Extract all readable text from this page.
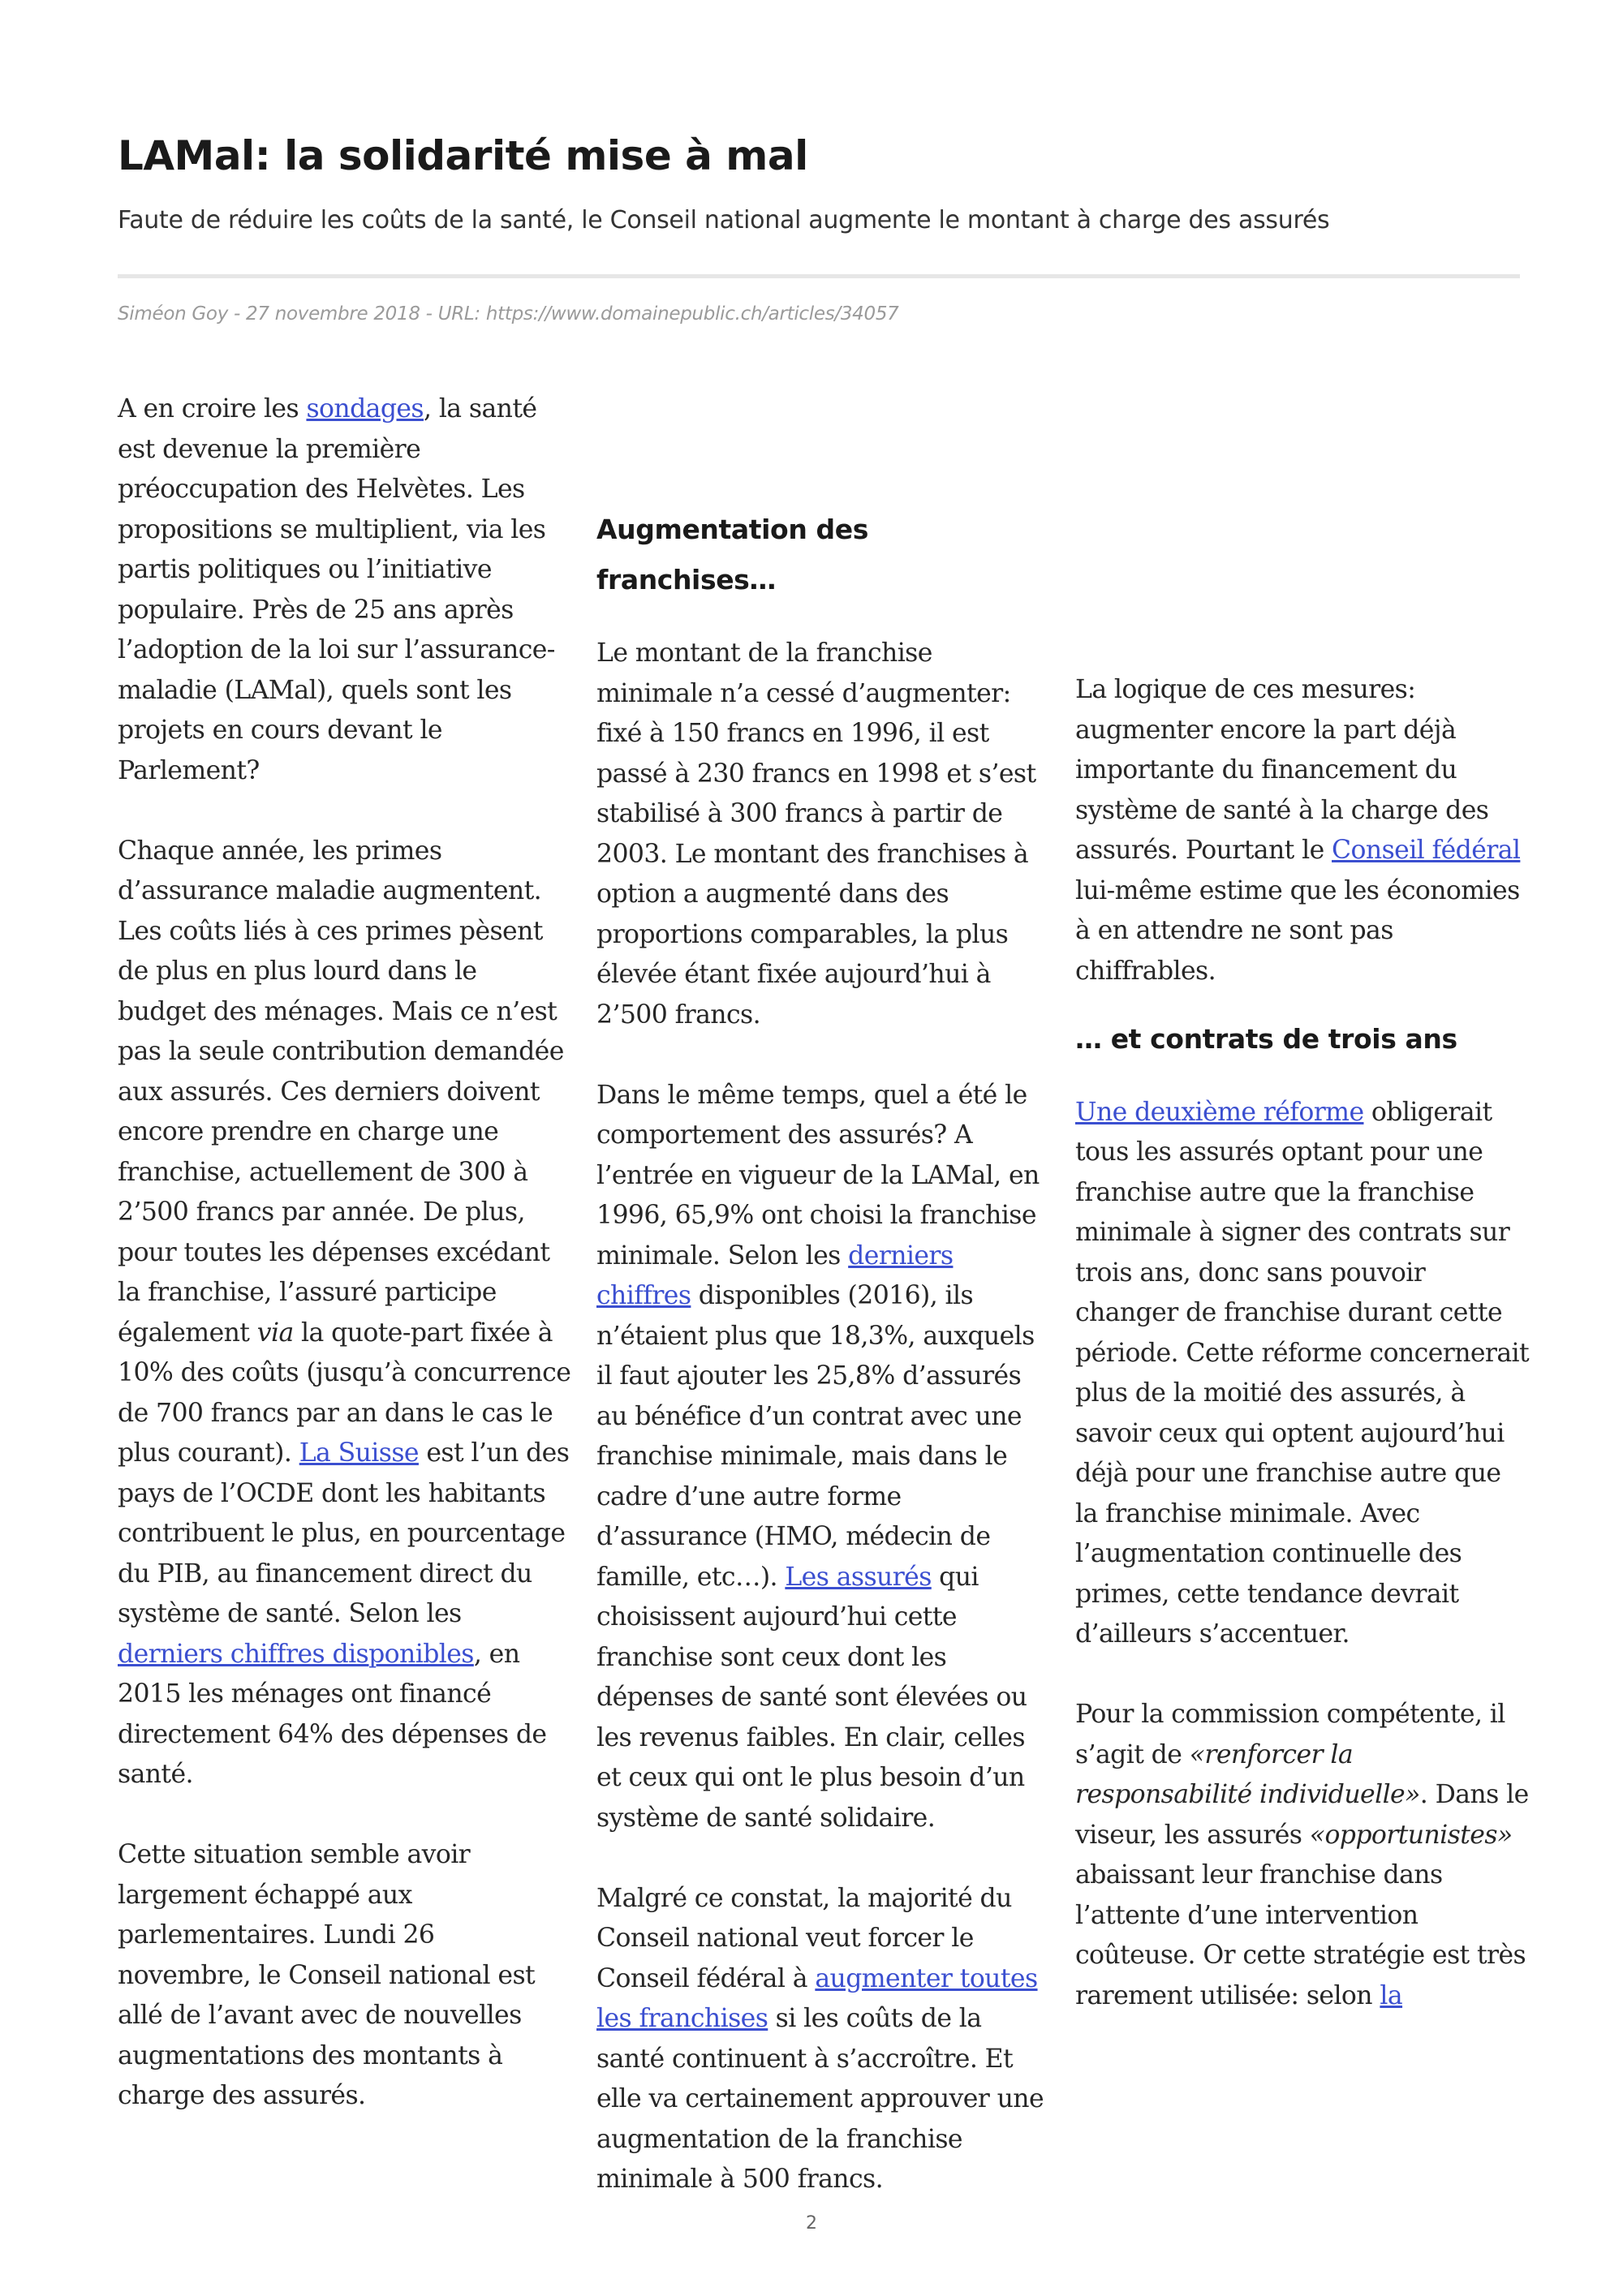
LAMal: la solidarité mise à mal

Faute de réduire les coûts de la santé, le Conseil national augmente le montant à charge des assurés

Siméon Goy - 27 novembre 2018 - URL: https://www.domainepublic.ch/articles/34057

A en croire les sondages, la santé est devenue la première préoccupation des Helvètes. Les propositions se multiplient, via les partis politiques ou l’initiative populaire. Près de 25 ans après l’adoption de la loi sur l’assurance-maladie (LAMal), quels sont les projets en cours devant le Parlement?

Chaque année, les primes d’assurance maladie augmentent. Les coûts liés à ces primes pèsent de plus en plus lourd dans le budget des ménages. Mais ce n’est pas la seule contribution demandée aux assurés. Ces derniers doivent encore prendre en charge une franchise, actuellement de 300 à 2’500 francs par année. De plus, pour toutes les dépenses excédant la franchise, l’assuré participe également via la quote-part fixée à 10% des coûts (jusqu’à concurrence de 700 francs par an dans le cas le plus courant). La Suisse est l’un des pays de l’OCDE dont les habitants contribuent le plus, en pourcentage du PIB, au financement direct du système de santé. Selon les derniers chiffres disponibles, en 2015 les ménages ont financé directement 64% des dépenses de santé.

Cette situation semble avoir largement échappé aux parlementaires. Lundi 26 novembre, le Conseil national est allé de l’avant avec de nouvelles augmentations des montants à charge des assurés.

Augmentation des franchises…

Le montant de la franchise minimale n’a cessé d’augmenter: fixé à 150 francs en 1996, il est passé à 230 francs en 1998 et s’est stabilisé à 300 francs à partir de 2003. Le montant des franchises à option a augmenté dans des proportions comparables, la plus élevée étant fixée aujourd’hui à 2’500 francs.

Dans le même temps, quel a été le comportement des assurés? A l’entrée en vigueur de la LAMal, en 1996, 65,9% ont choisi la franchise minimale. Selon les derniers chiffres disponibles (2016), ils n’étaient plus que 18,3%, auxquels il faut ajouter les 25,8% d’assurés au bénéfice d’un contrat avec une franchise minimale, mais dans le cadre d’une autre forme d’assurance (HMO, médecin de famille, etc…). Les assurés qui choisissent aujourd’hui cette franchise sont ceux dont les dépenses de santé sont élevées ou les revenus faibles. En clair, celles et ceux qui ont le plus besoin d’un système de santé solidaire.

Malgré ce constat, la majorité du Conseil national veut forcer le Conseil fédéral à augmenter toutes les franchises si les coûts de la santé continuent à s’accroître. Et elle va certainement approuver une augmentation de la franchise minimale à 500 francs.

La logique de ces mesures: augmenter encore la part déjà importante du financement du système de santé à la charge des assurés. Pourtant le Conseil fédéral lui-même estime que les économies à en attendre ne sont pas chiffrables.

… et contrats de trois ans

Une deuxième réforme obligerait tous les assurés optant pour une franchise autre que la franchise minimale à signer des contrats sur trois ans, donc sans pouvoir changer de franchise durant cette période. Cette réforme concernerait plus de la moitié des assurés, à savoir ceux qui optent aujourd’hui déjà pour une franchise autre que la franchise minimale. Avec l’augmentation continuelle des primes, cette tendance devrait d’ailleurs s’accentuer.

Pour la commission compétente, il s’agit de «renforcer la responsabilité individuelle». Dans le viseur, les assurés «opportunistes» abaissant leur franchise dans l’attente d’une intervention coûteuse. Or cette stratégie est très rarement utilisée: selon la

2
